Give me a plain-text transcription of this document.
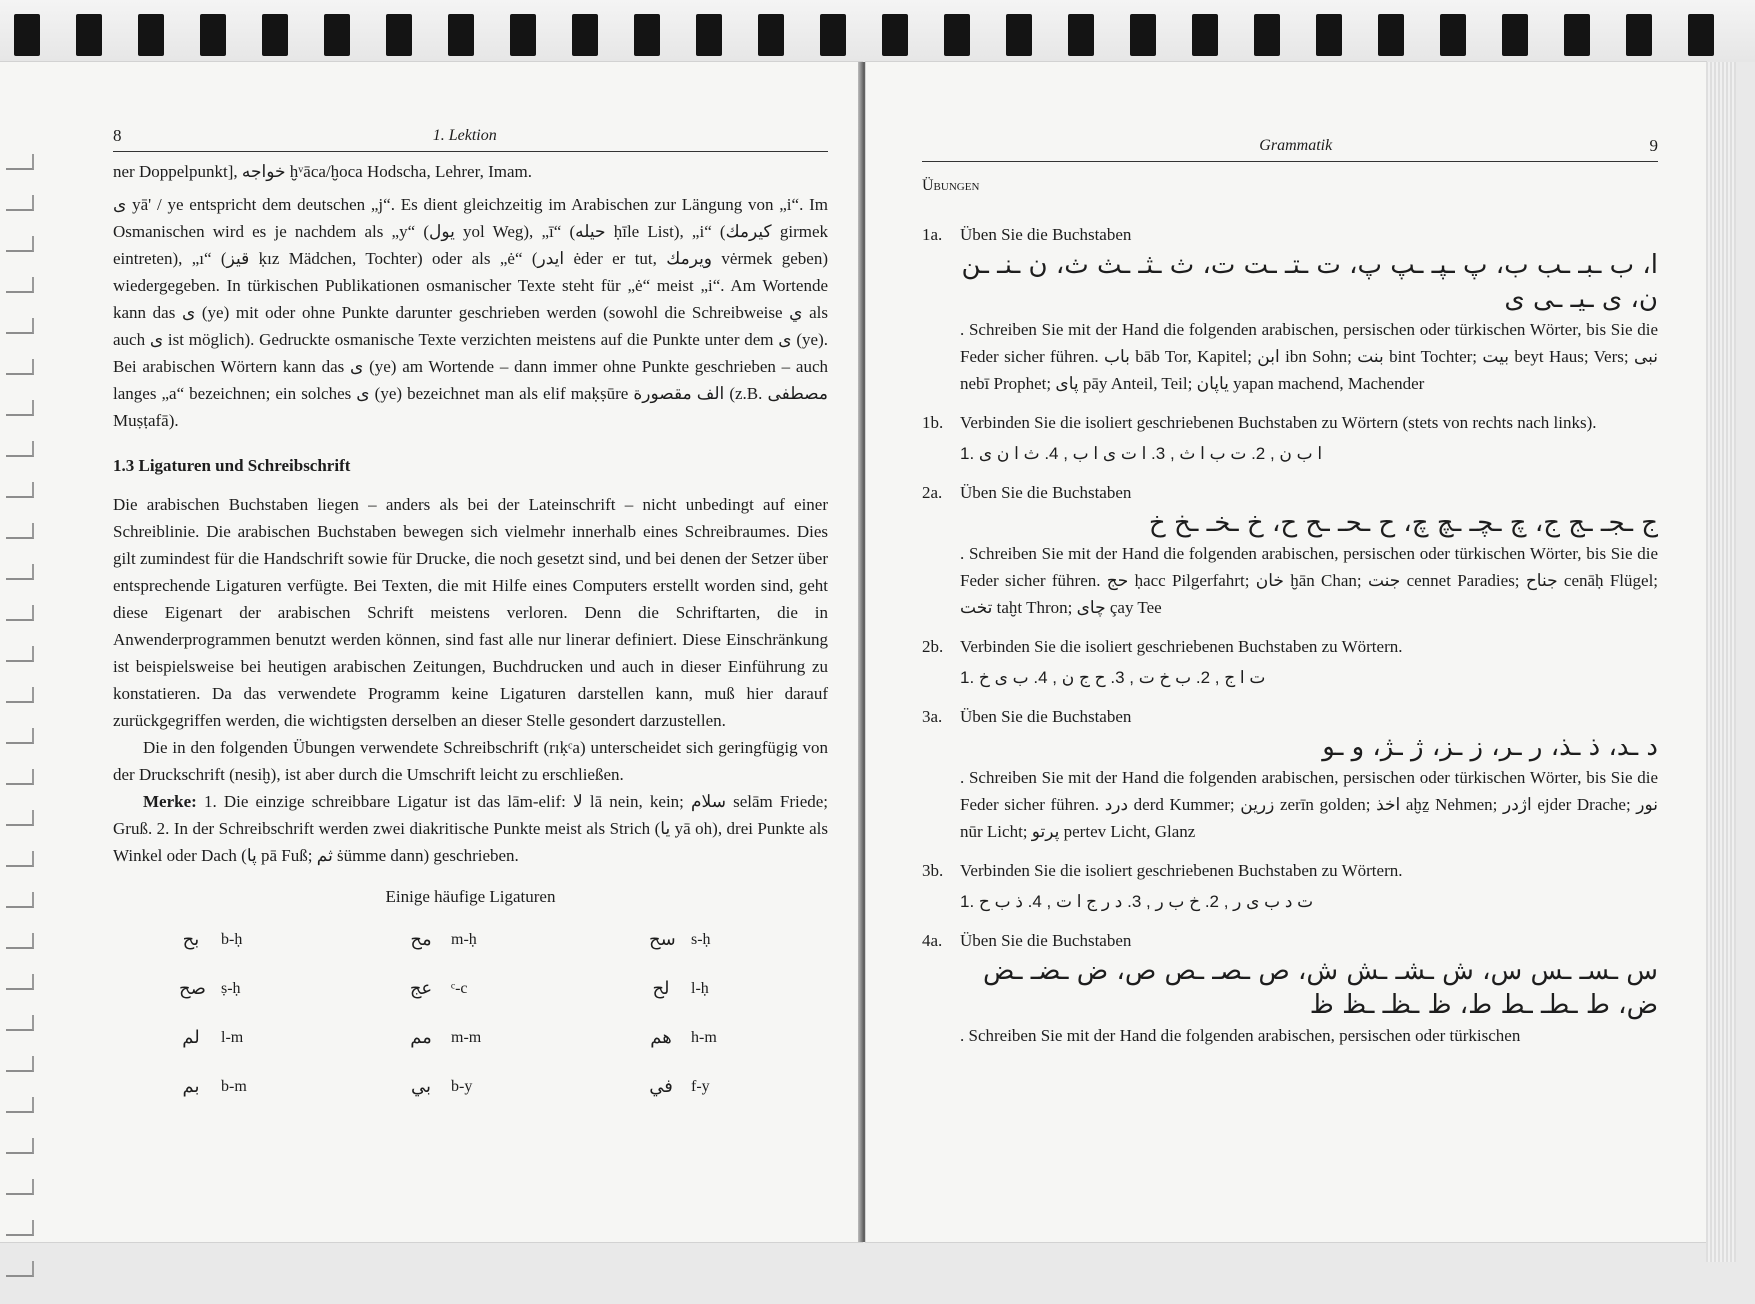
8	1. Lektion

ner Doppelpunkt], خواجه ḫᵛāca/ḫoca Hodscha, Lehrer, Imam.

ى yā' / ye entspricht dem deutschen „j“. Es dient gleichzeitig im Arabischen zur Längung von „i“. Im Osmanischen wird es je nachdem als „y“ (يول yol Weg), „ī“ (حيله ḥīle List), „i“ (كيرمك girmek eintreten), „ı“ (قيز ḳız Mädchen, Tochter) oder als „ė“ (ايدر ėder er tut, ويرمك vėrmek geben) wiedergegeben. In türkischen Publikationen osmanischer Texte steht für „ė“ meist „i“. Am Wortende kann das ى (ye) mit oder ohne Punkte darunter geschrieben werden (sowohl die Schreibweise ي als auch ى ist möglich). Gedruckte osmanische Texte verzichten meistens auf die Punkte unter dem ى (ye). Bei arabischen Wörtern kann das ى (ye) am Wortende – dann immer ohne Punkte geschrieben – auch langes „a“ bezeichnen; ein solches ى (ye) bezeichnet man als elif maḳṣūre الف مقصورة (z.B. مصطفى Muṣṭafā).

1.3 Ligaturen und Schreibschrift

Die arabischen Buchstaben liegen – anders als bei der Lateinschrift – nicht unbedingt auf einer Schreiblinie. Die arabischen Buchstaben bewegen sich vielmehr innerhalb eines Schreibraumes. Dies gilt zumindest für die Handschrift sowie für Drucke, die noch gesetzt sind, und bei denen der Setzer über entsprechende Ligaturen verfügte. Bei Texten, die mit Hilfe eines Computers erstellt worden sind, geht diese Eigenart der arabischen Schrift meistens verloren. Denn die Schriftarten, die in Anwenderprogrammen benutzt werden können, sind fast alle nur linerar definiert. Diese Einschränkung ist beispielsweise bei heutigen arabischen Zeitungen, Buchdrucken und auch in dieser Einführung zu konstatieren. Da das verwendete Programm keine Ligaturen darstellen kann, muß hier darauf zurückgegriffen werden, die wichtigsten derselben an dieser Stelle gesondert darzustellen.

Die in den folgenden Übungen verwendete Schreibschrift (rıḳᶜa) unterscheidet sich geringfügig von der Druckschrift (nesiḫ), ist aber durch die Umschrift leicht zu erschließen.

Merke: 1. Die einzige schreibbare Ligatur ist das lām-elif: لا lā nein, kein; سلام selām Friede; Gruß. 2. In der Schreibschrift werden zwei diakritische Punkte meist als Strich (يا yā oh), drei Punkte als Winkel oder Dach (پا pā Fuß; ثم ṡümme dann) geschrieben.

Einige häufige Ligaturen
بح b-ḥ	مح m-ḥ	سح s-ḥ
صح ṣ-ḥ	عج ᶜ-c	لح l-ḥ
لم l-m	مم m-m	هم h-m
بم b-m	بي b-y	في f-y
Grammatik	9
Übungen
1a.	Üben Sie die Buchstaben
ا، ب ـبـ ـب ب، پ ـپـ ـپ پ، ت ـتـ ـت ت، ث ـثـ ـث ث، ن ـنـ ـن ن، ى ـيـ ـى ى
. Schreiben Sie mit der Hand die folgenden arabischen, persischen oder türkischen Wörter, bis Sie die Feder sicher führen. باب bāb Tor, Kapitel; ابن ibn Sohn; بنت bint Tochter; بيت beyt Haus; Vers; نبى nebī Prophet; پاى pāy Anteil, Teil; ياپان yapan machend, Machender
1b. Verbinden Sie die isoliert geschriebenen Buchstaben zu Wörtern (stets von rechts nach links).
1. ا ب ن , 2. ت ب ا ث , 3. ا ت ى ا ب , 4. ث ا ن ى
2a.	Üben Sie die Buchstaben
ج ـجـ ـج ج، چ ـچـ ـچ چ، ح ـحـ ـح ح، خ ـخـ ـخ خ
. Schreiben Sie mit der Hand die folgenden arabischen, persischen oder türkischen Wörter, bis Sie die Feder sicher führen. حج ḥacc Pilgerfahrt; خان ḫān Chan; جنت cennet Paradies; جناح cenāḥ Flügel; تخت taḫt Thron; چاى çay Tee
2b. Verbinden Sie die isoliert geschriebenen Buchstaben zu Wörtern.
1. ت ا ج , 2. ب خ ت , 3. ح ج ن , 4. ب ى خ
3a.	Üben Sie die Buchstaben
د ـد، ذ ـذ، ر ـر، ز ـز، ژ ـژ، و ـو
. Schreiben Sie mit der Hand die folgenden arabischen, persischen oder türkischen Wörter, bis Sie die Feder sicher führen. درد derd Kummer; زرين zerīn golden; اخذ aḫẕ Nehmen; اژدر ejder Drache; نور nūr Licht; پرتو pertev Licht, Glanz
3b. Verbinden Sie die isoliert geschriebenen Buchstaben zu Wörtern.
1. ت د ب ى ر , 2. خ ب ر , 3. د ر ج ا ت , 4. ذ ب ح
4a.	Üben Sie die Buchstaben
س ـسـ ـس س، ش ـشـ ـش ش، ص ـصـ ـص ص، ض ـضـ ـض ض، ط ـطـ ـط ط، ظ ـظـ ـظ ظ
. Schreiben Sie mit der Hand die folgenden arabischen, persischen oder türkischen
